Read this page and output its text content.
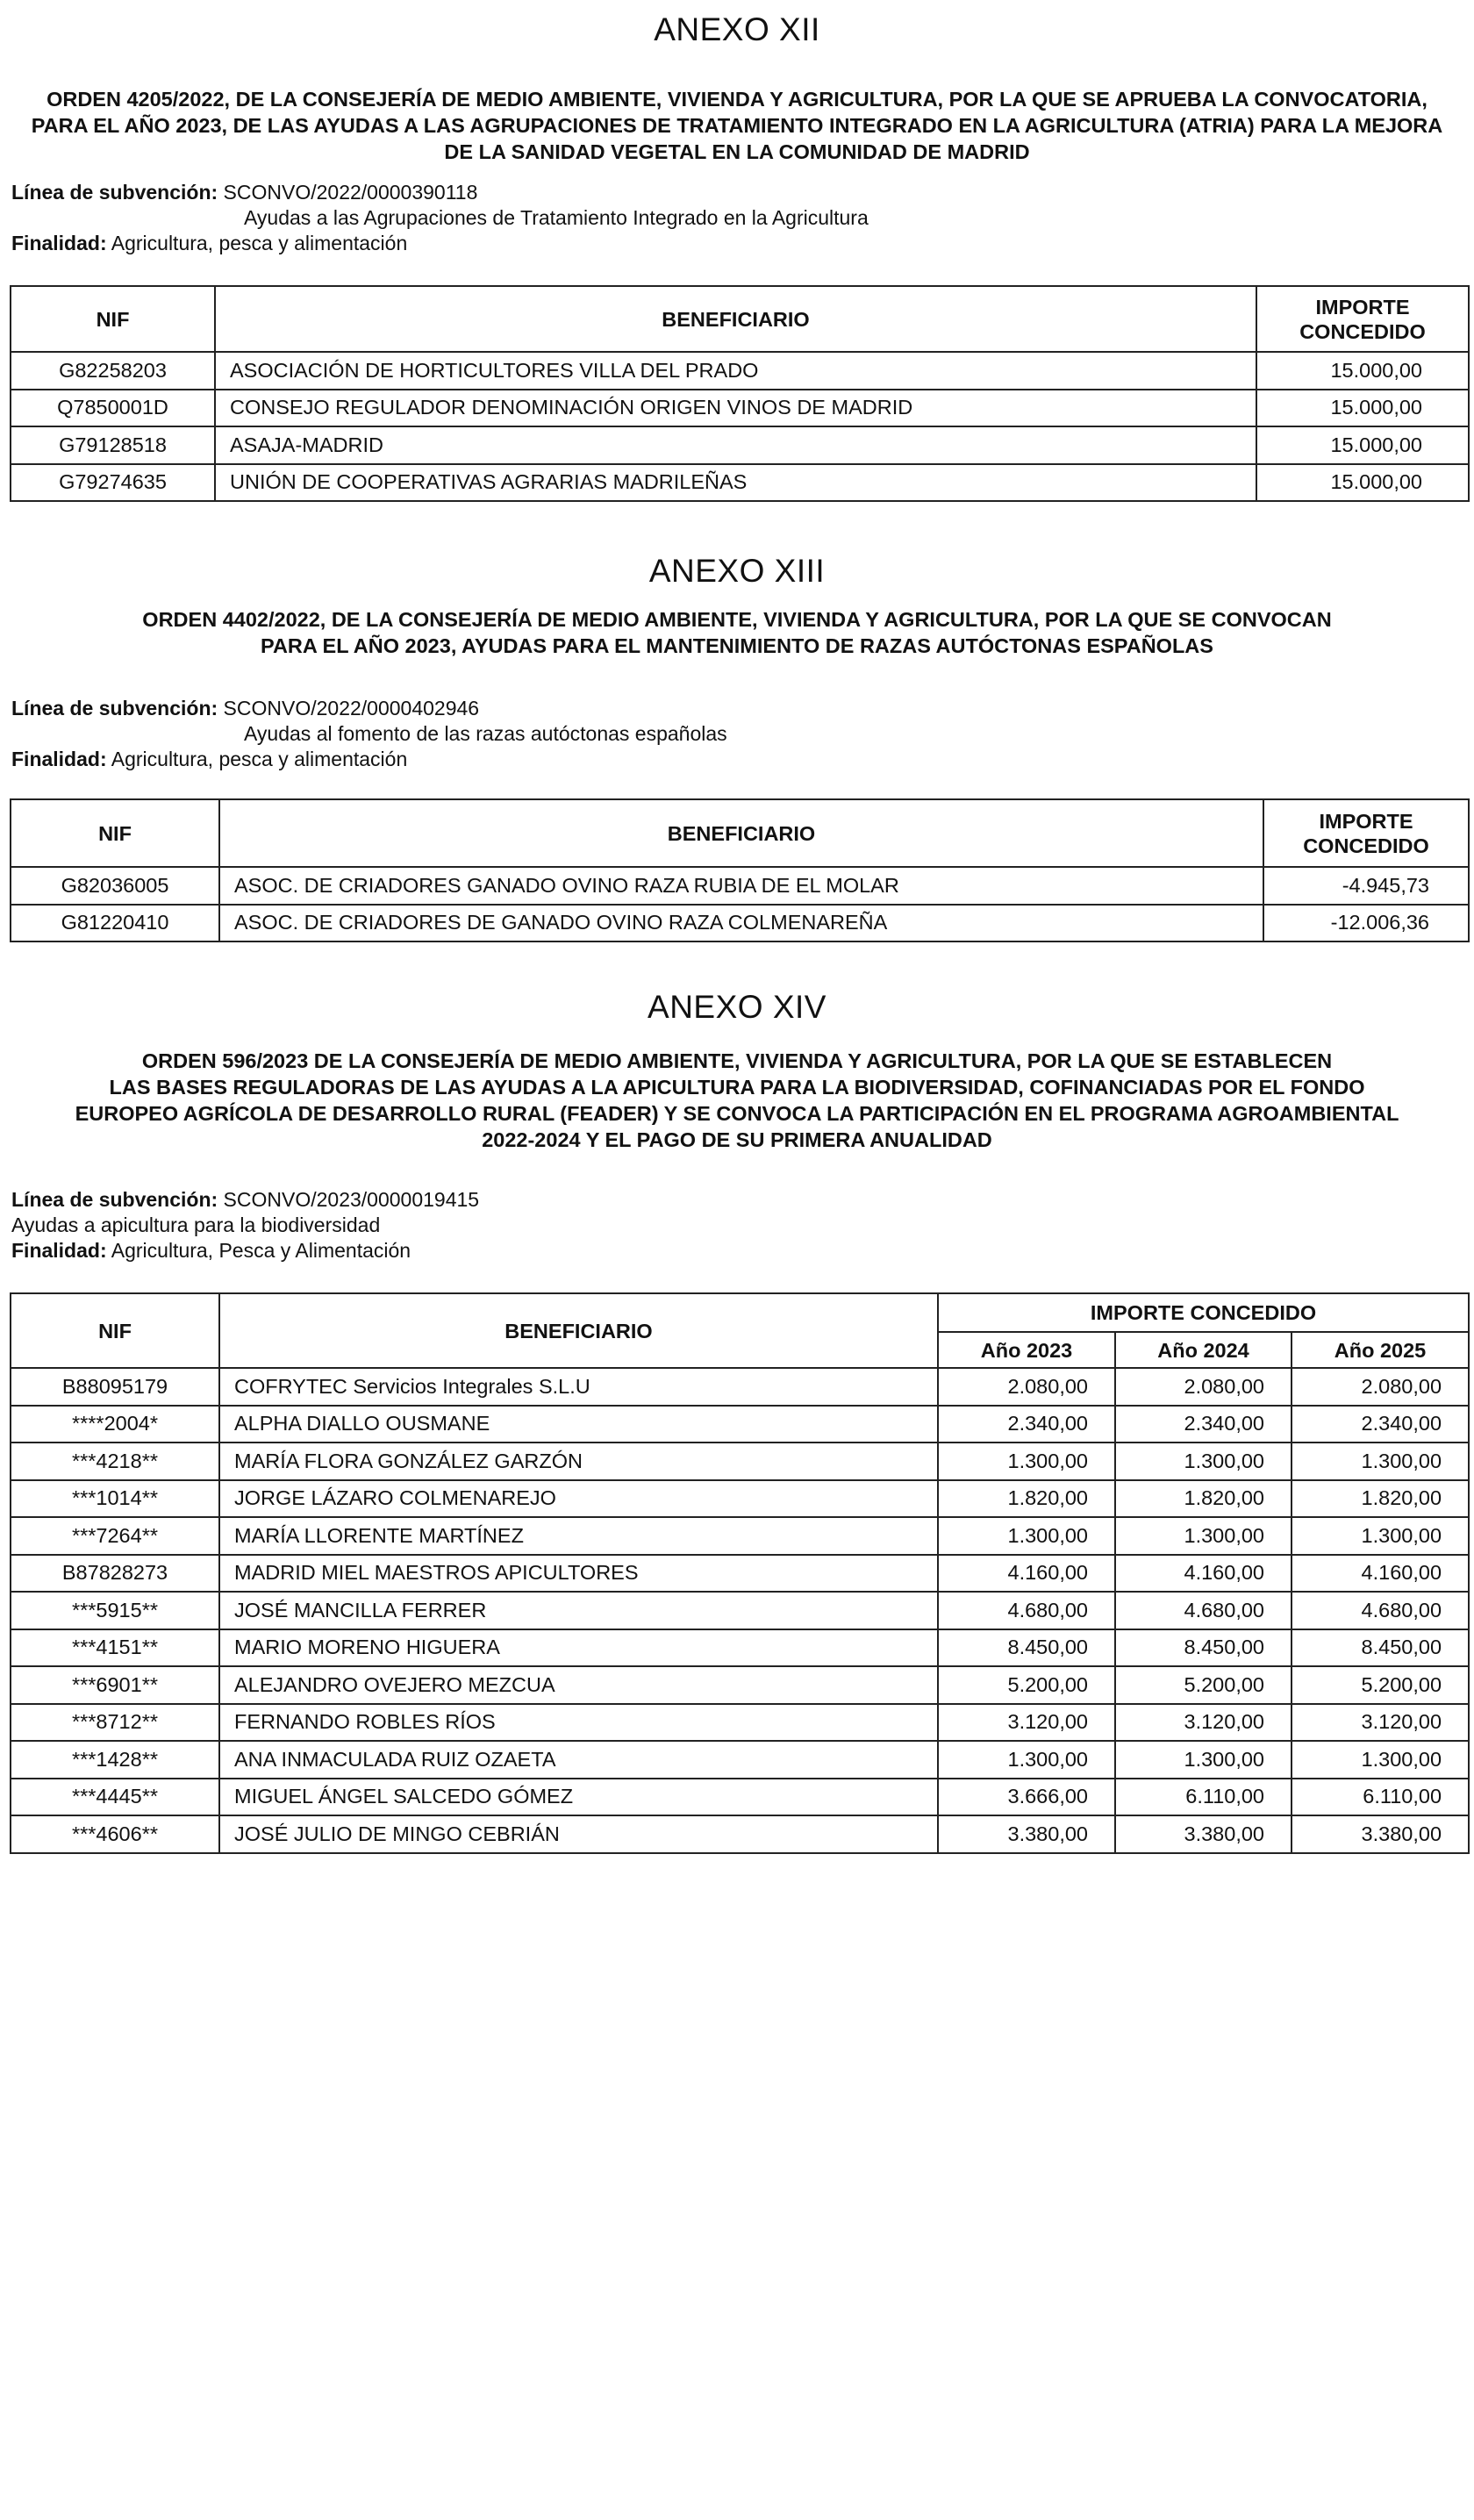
ANEXO XII
ORDEN 4205/2022, DE LA CONSEJERÍA DE MEDIO AMBIENTE, VIVIENDA Y AGRICULTURA, POR LA QUE SE APRUEBA LA CONVOCATORIA, PARA EL AÑO 2023, DE LAS AYUDAS A LAS AGRUPACIONES DE TRATAMIENTO INTEGRADO EN LA AGRICULTURA (ATRIA) PARA LA MEJORA DE LA SANIDAD VEGETAL EN LA COMUNIDAD DE MADRID
Línea de subvención: SCONVO/2022/0000390118
Ayudas a las Agrupaciones de Tratamiento Integrado en la Agricultura
Finalidad: Agricultura, pesca y alimentación
NIF	BENEFICIARIO	IMPORTE
CONCEDIDO
G82258203	ASOCIACIÓN DE HORTICULTORES VILLA DEL PRADO	15.000,00
Q7850001D	CONSEJO REGULADOR DENOMINACIÓN ORIGEN VINOS DE MADRID	15.000,00
G79128518	ASAJA-MADRID	15.000,00
G79274635	UNIÓN DE COOPERATIVAS AGRARIAS MADRILEÑAS	15.000,00
ANEXO XIII
ORDEN 4402/2022, DE LA CONSEJERÍA DE MEDIO AMBIENTE, VIVIENDA Y AGRICULTURA, POR LA QUE SE CONVOCAN
PARA EL AÑO 2023, AYUDAS PARA EL MANTENIMIENTO DE RAZAS AUTÓCTONAS ESPAÑOLAS
Línea de subvención: SCONVO/2022/0000402946
Ayudas al fomento de las razas autóctonas españolas
Finalidad: Agricultura, pesca y alimentación
NIF	BENEFICIARIO	IMPORTE
CONCEDIDO
G82036005	ASOC. DE CRIADORES GANADO OVINO RAZA RUBIA DE EL MOLAR	-4.945,73
G81220410	ASOC. DE CRIADORES DE GANADO OVINO RAZA COLMENAREÑA	-12.006,36
ANEXO XIV
ORDEN 596/2023 DE LA CONSEJERÍA DE MEDIO AMBIENTE, VIVIENDA Y AGRICULTURA, POR LA QUE SE ESTABLECEN
LAS BASES REGULADORAS DE LAS AYUDAS A LA APICULTURA PARA LA BIODIVERSIDAD, COFINANCIADAS POR EL FONDO
EUROPEO AGRÍCOLA DE DESARROLLO RURAL (FEADER) Y SE CONVOCA LA PARTICIPACIÓN EN EL PROGRAMA AGROAMBIENTAL
2022-2024 Y EL PAGO DE SU PRIMERA ANUALIDAD
Línea de subvención: SCONVO/2023/0000019415
Ayudas a apicultura para la biodiversidad
Finalidad: Agricultura, Pesca y Alimentación
NIF	BENEFICIARIO	IMPORTE CONCEDIDO		
		Año 2023	Año 2024	Año 2025
B88095179	COFRYTEC Servicios Integrales S.L.U	2.080,00	2.080,00	2.080,00
****2004*	ALPHA DIALLO OUSMANE	2.340,00	2.340,00	2.340,00
***4218**	MARÍA FLORA GONZÁLEZ GARZÓN	1.300,00	1.300,00	1.300,00
***1014**	JORGE LÁZARO COLMENAREJO	1.820,00	1.820,00	1.820,00
***7264**	MARÍA LLORENTE MARTÍNEZ	1.300,00	1.300,00	1.300,00
B87828273	MADRID MIEL MAESTROS APICULTORES	4.160,00	4.160,00	4.160,00
***5915**	JOSÉ MANCILLA FERRER	4.680,00	4.680,00	4.680,00
***4151**	MARIO MORENO HIGUERA	8.450,00	8.450,00	8.450,00
***6901**	ALEJANDRO OVEJERO MEZCUA	5.200,00	5.200,00	5.200,00
***8712**	FERNANDO ROBLES RÍOS	3.120,00	3.120,00	3.120,00
***1428**	ANA INMACULADA RUIZ OZAETA	1.300,00	1.300,00	1.300,00
***4445**	MIGUEL ÁNGEL SALCEDO GÓMEZ	3.666,00	6.110,00	6.110,00
***4606**	JOSÉ JULIO DE MINGO CEBRIÁN	3.380,00	3.380,00	3.380,00
